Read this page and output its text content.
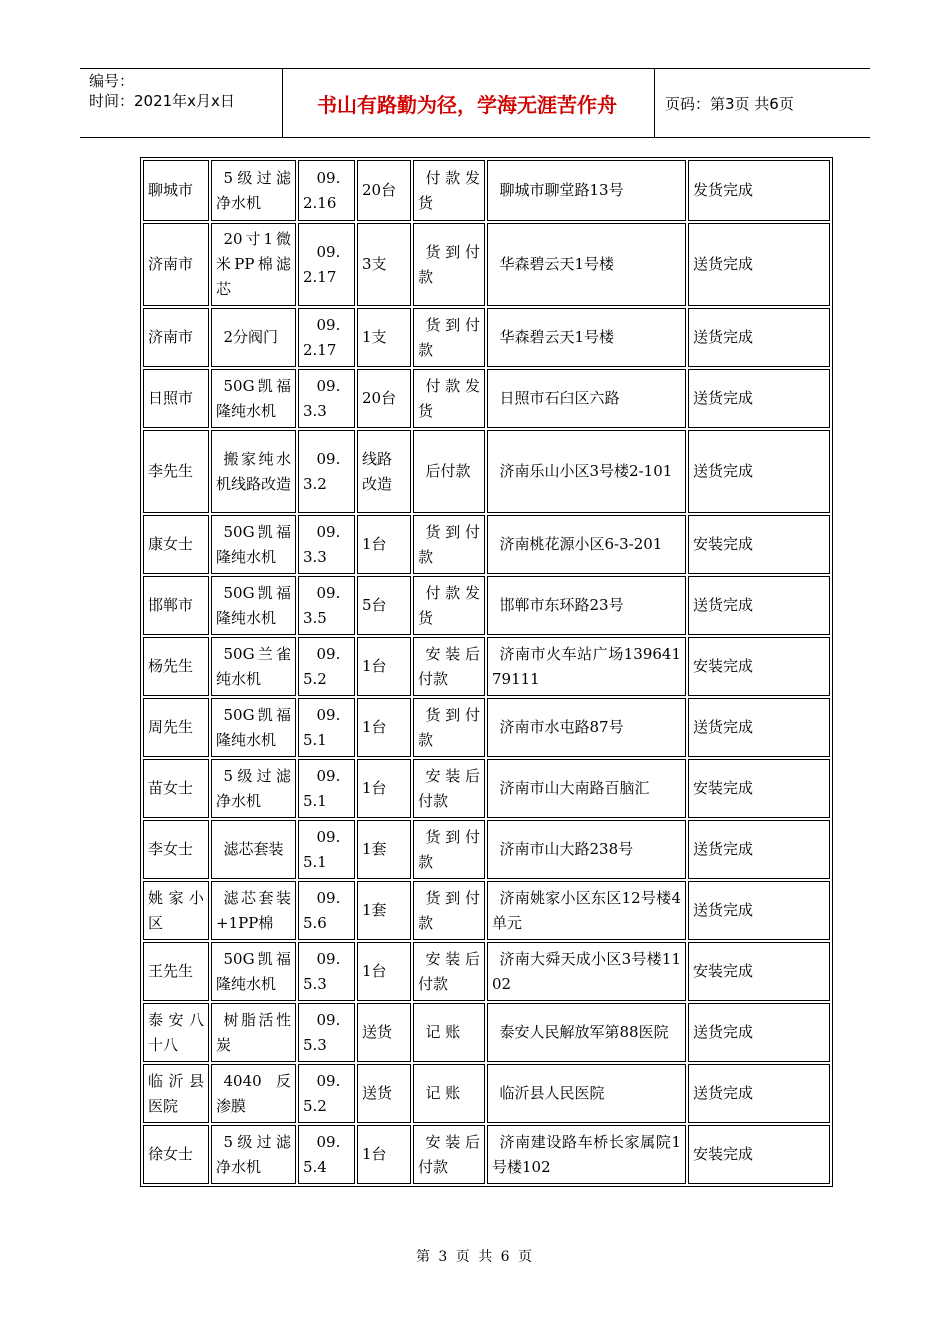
编号：
时间：2021年x月x日	书山有路勤为径，学海无涯苦作舟	页码：第3页 共6页
聊城市	5级过滤净水机	09.2.16	20台	付款发货	聊城市聊堂路13号	发货完成
济南市	20寸1微米PP棉滤芯	09.2.17	3支	货到付款	华森碧云天1号楼	送货完成
济南市	2分阀门	09.2.17	1支	货到付款	华森碧云天1号楼	送货完成
日照市	50G凯福隆纯水机	09.3.3	20台	付款发货	日照市石臼区六路	送货完成
李先生	搬家纯水机线路改造	09.3.2	线路改造	后付款	济南乐山小区3号楼2-101	送货完成
康女士	50G凯福隆纯水机	09.3.3	1台	货到付款	济南桃花源小区6-3-201	安装完成
邯郸市	50G凯福隆纯水机	09.3.5	5台	付款发货	邯郸市东环路23号	送货完成
杨先生	50G兰雀纯水机	09.5.2	1台	安装后付款	济南市火车站广场13964179111	安装完成
周先生	50G凯福隆纯水机	09.5.1	1台	货到付款	济南市水屯路87号	送货完成
苗女士	5级过滤净水机	09.5.1	1台	安装后付款	济南市山大南路百脑汇	安装完成
李女士	滤芯套装	09.5.1	1套	货到付款	济南市山大路238号	送货完成
姚家小区	滤芯套装+1PP棉	09.5.6	1套	货到付款	济南姚家小区东区12号楼4单元	送货完成
王先生	50G凯福隆纯水机	09.5.3	1台	安装后付款	济南大舜天成小区3号楼1102	安装完成
泰安八十八	树脂活性炭	09.5.3	送货	记 账	泰安人民解放军第88医院	送货完成
临沂县医院	4040反渗膜	09.5.2	送货	记 账	临沂县人民医院	送货完成
徐女士	5级过滤净水机	09.5.4	1台	安装后付款	济南建设路车桥长家属院1号楼102	安装完成
第 3 页 共 6 页
